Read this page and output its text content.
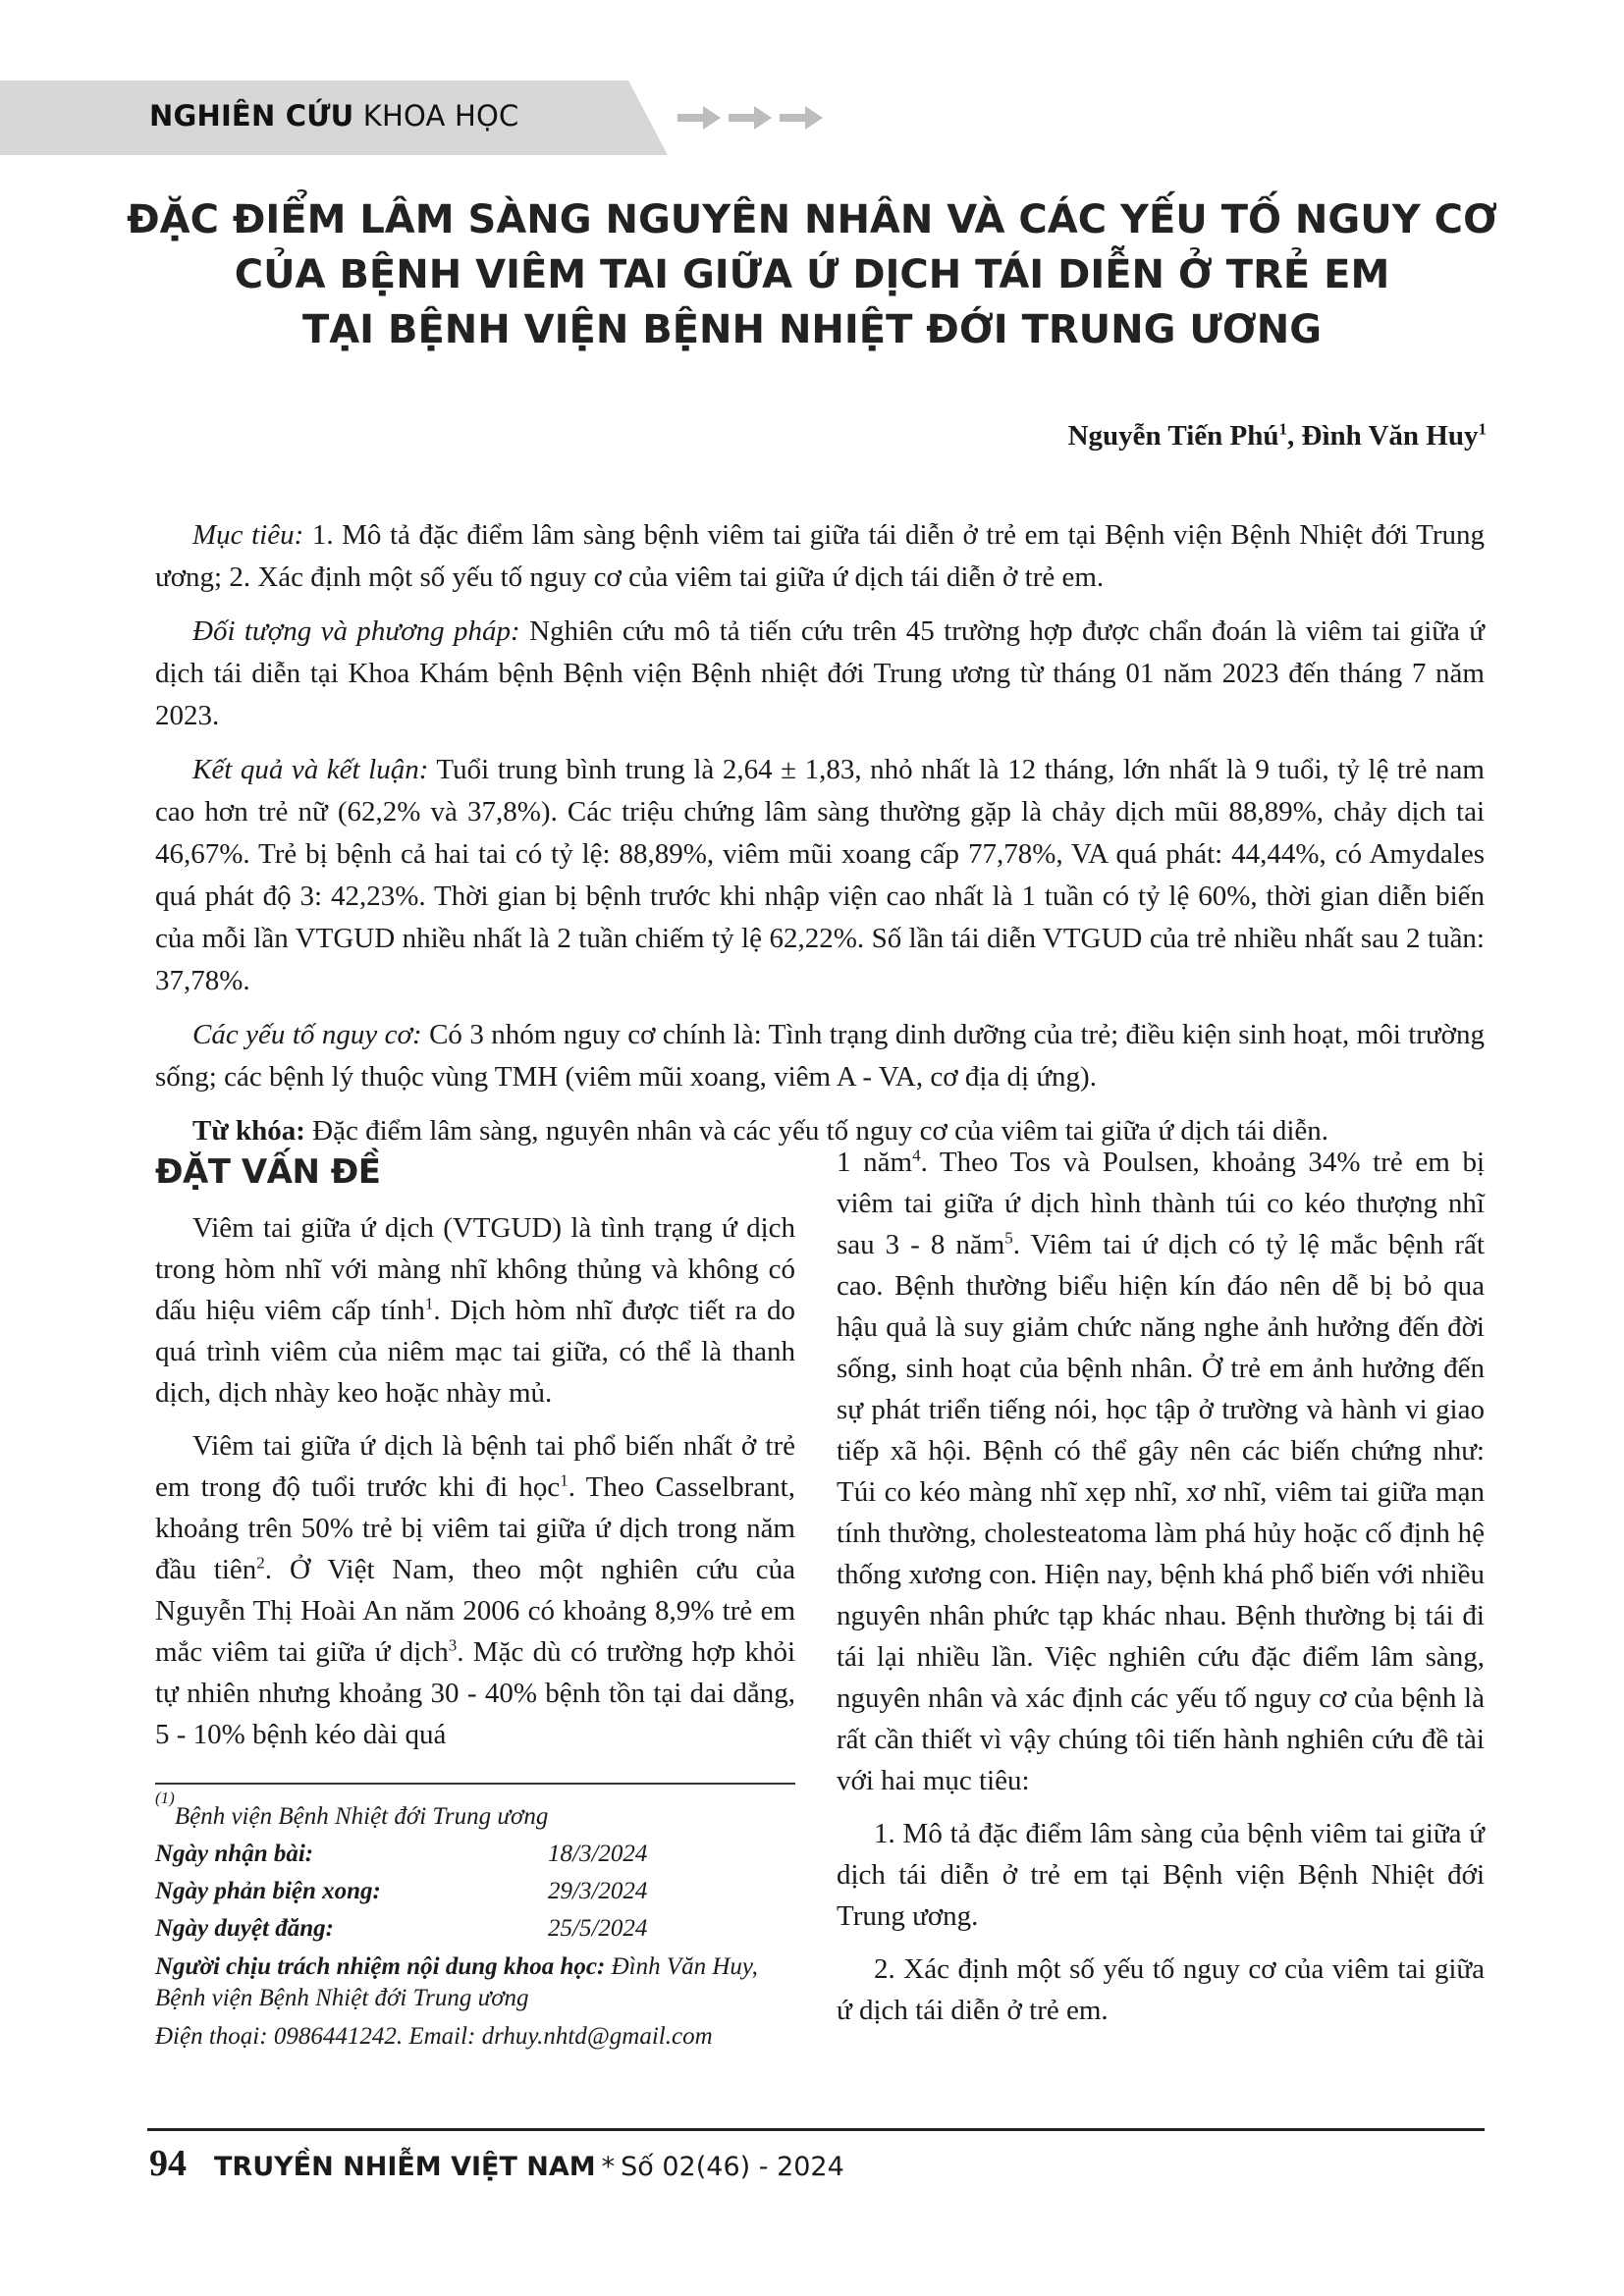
NGHIÊN CỨU KHOA HỌC
ĐẶC ĐIỂM LÂM SÀNG NGUYÊN NHÂN VÀ CÁC YẾU TỐ NGUY CƠ
CỦA BỆNH VIÊM TAI GIỮA Ứ DỊCH TÁI DIỄN Ở TRẺ EM
TẠI BỆNH VIỆN BỆNH NHIỆT ĐỚI TRUNG ƯƠNG
Nguyễn Tiến Phú$^1$, Đình Văn Huy$^1$

Mục tiêu: 1. Mô tả đặc điểm lâm sàng bệnh viêm tai giữa tái diễn ở trẻ em tại Bệnh viện Bệnh Nhiệt đới Trung ương; 2. Xác định một số yếu tố nguy cơ của viêm tai giữa ứ dịch tái diễn ở trẻ em.

Đối tượng và phương pháp: Nghiên cứu mô tả tiến cứu trên 45 trường hợp được chẩn đoán là viêm tai giữa ứ dịch tái diễn tại Khoa Khám bệnh Bệnh viện Bệnh nhiệt đới Trung ương từ tháng 01 năm 2023 đến tháng 7 năm 2023.

Kết quả và kết luận: Tuổi trung bình trung là 2,64 ± 1,83, nhỏ nhất là 12 tháng, lớn nhất là 9 tuổi, tỷ lệ trẻ nam cao hơn trẻ nữ (62,2% và 37,8%). Các triệu chứng lâm sàng thường gặp là chảy dịch mũi 88,89%, chảy dịch tai 46,67%. Trẻ bị bệnh cả hai tai có tỷ lệ: 88,89%, viêm mũi xoang cấp 77,78%, VA quá phát: 44,44%, có Amydales quá phát độ 3: 42,23%. Thời gian bị bệnh trước khi nhập viện cao nhất là 1 tuần có tỷ lệ 60%, thời gian diễn biến của mỗi lần VTGUD nhiều nhất là 2 tuần chiếm tỷ lệ 62,22%. Số lần tái diễn VTGUD của trẻ nhiều nhất sau 2 tuần: 37,78%.

Các yếu tố nguy cơ: Có 3 nhóm nguy cơ chính là: Tình trạng dinh dưỡng của trẻ; điều kiện sinh hoạt, môi trường sống; các bệnh lý thuộc vùng TMH (viêm mũi xoang, viêm A - VA, cơ địa dị ứng).

Từ khóa: Đặc điểm lâm sàng, nguyên nhân và các yếu tố nguy cơ của viêm tai giữa ứ dịch tái diễn.

ĐẶT VẤN ĐỀ

Viêm tai giữa ứ dịch (VTGUD) là tình trạng ứ dịch trong hòm nhĩ với màng nhĩ không thủng và không có dấu hiệu viêm cấp tính$^1$. Dịch hòm nhĩ được tiết ra do quá trình viêm của niêm mạc tai giữa, có thể là thanh dịch, dịch nhày keo hoặc nhày mủ.

Viêm tai giữa ứ dịch là bệnh tai phổ biến nhất ở trẻ em trong độ tuổi trước khi đi học$^1$. Theo Casselbrant, khoảng trên 50% trẻ bị viêm tai giữa ứ dịch trong năm đầu tiên$^2$. Ở Việt Nam, theo một nghiên cứu của Nguyễn Thị Hoài An năm 2006 có khoảng 8,9% trẻ em mắc viêm tai giữa ứ dịch$^3$. Mặc dù có trường hợp khỏi tự nhiên nhưng khoảng 30 - 40% bệnh tồn tại dai dẳng, 5 - 10% bệnh kéo dài quá

(1)
Bệnh viện Bệnh Nhiệt đới Trung ương
Ngày nhận bài:	18/3/2024
Ngày phản biện xong:	29/3/2024
Ngày duyệt đăng:	25/5/2024
Người chịu trách nhiệm nội dung khoa học: Đình Văn Huy, Bệnh viện Bệnh Nhiệt đới Trung ương
Điện thoại: 0986441242. Email: drhuy.nhtd@gmail.com

1 năm$^4$. Theo Tos và Poulsen, khoảng 34% trẻ em bị viêm tai giữa ứ dịch hình thành túi co kéo thượng nhĩ sau 3 - 8 năm$^5$. Viêm tai ứ dịch có tỷ lệ mắc bệnh rất cao. Bệnh thường biểu hiện kín đáo nên dễ bị bỏ qua hậu quả là suy giảm chức năng nghe ảnh hưởng đến đời sống, sinh hoạt của bệnh nhân. Ở trẻ em ảnh hưởng đến sự phát triển tiếng nói, học tập ở trường và hành vi giao tiếp xã hội. Bệnh có thể gây nên các biến chứng như: Túi co kéo màng nhĩ xẹp nhĩ, xơ nhĩ, viêm tai giữa mạn tính thường, cholesteatoma làm phá hủy hoặc cố định hệ thống xương con. Hiện nay, bệnh khá phổ biến với nhiều nguyên nhân phức tạp khác nhau. Bệnh thường bị tái đi tái lại nhiều lần. Việc nghiên cứu đặc điểm lâm sàng, nguyên nhân và xác định các yếu tố nguy cơ của bệnh là rất cần thiết vì vậy chúng tôi tiến hành nghiên cứu đề tài với hai mục tiêu:

1. Mô tả đặc điểm lâm sàng của bệnh viêm tai giữa ứ dịch tái diễn ở trẻ em tại Bệnh viện Bệnh Nhiệt đới Trung ương.

2. Xác định một số yếu tố nguy cơ của viêm tai giữa ứ dịch tái diễn ở trẻ em.

94 TRUYỀN NHIỄM VIỆT NAM * Số 02(46) - 2024
